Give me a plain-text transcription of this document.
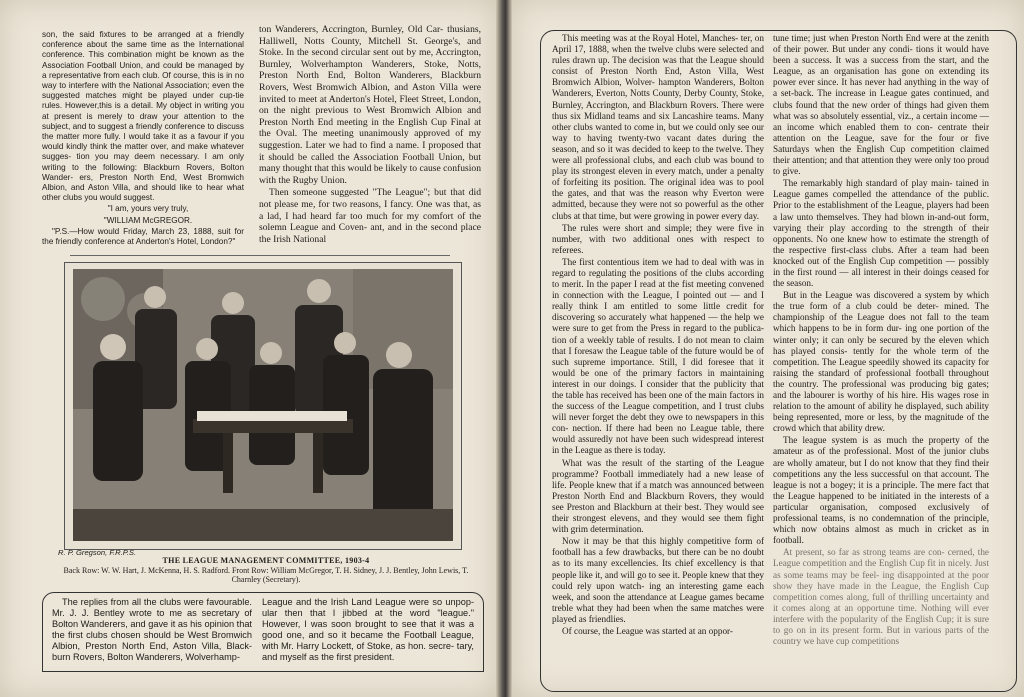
son, the said fixtures to be arranged at a friendly conference about the same time as the International conference. This combination might be known as the Association Football Union, and could be managed by a representative from each club. Of course, this is in no way to interfere with the National Association; even the suggested matches might be played under cup-tie rules. However,this is a detail. My object in writing you at present is merely to draw your attention to the subject, and to suggest a friendly conference to discuss the matter more fully. I would take it as a favour if you would kindly think the matter over, and make whatever sugges- tion you may deem necessary. I am only writing to the following: Blackburn Rovers, Bolton Wander- ers, Preston North End, West Bromwich Albion, and Aston Villa, and should like to hear what other clubs you would suggest.

"I am, yours very truly,

"WILLIAM McGREGOR.

"P.S.—How would Friday, March 23, 1888, suit for the friendly conference at Anderton's Hotel, London?"

ton Wanderers, Accrington, Burnley, Old Car- thusians, Halliwell, Notts County, Mitchell St. George's, and Stoke. In the second circular sent out by me, Accrington, Burnley, Wolverhampton Wanderers, Stoke, Notts, Preston North End, Bolton Wanderers, Blackburn Rovers, West Bromwich Albion, and Aston Villa were invited to meet at Anderton's Hotel, Fleet Street, London, on the night previous to West Bromwich Albion and Preston North End meeting in the English Cup Final at the Oval. The meeting unanimously approved of my suggestion. Later we had to find a name. I proposed that it should be called the Association Football Union, but many thought that this would be likely to cause confusion with the Rugby Union.

Then someone suggested "The League"; but that did not please me, for two reasons, I fancy. One was that, as a lad, I had heard far too much for my comfort of the solemn League and Coven- ant, and in the second place the Irish National

R. P. Gregson, F.R.P.S.
THE LEAGUE MANAGEMENT COMMITTEE, 1903-4
Back Row: W. W. Hart, J. McKenna, H. S. Radford. Front Row: William McGregor, T. H. Sidney, J. J. Bentley, John Lewis, T. Charnley (Secretary).

The replies from all the clubs were favourable. Mr. J. J. Bentley wrote to me as secretary of Bolton Wanderers, and gave it as his opinion that the first clubs chosen should be West Bromwich Albion, Preston North End, Aston Villa, Black- burn Rovers, Bolton Wanderers, Wolverhamp-

League and the Irish Land League were so unpop- ular then that I jibbed at the word "league." However, I was soon brought to see that it was a good one, and so it became the Football League, with Mr. Harry Lockett, of Stoke, as hon. secre- tary, and myself as the first president.

This meeting was at the Royal Hotel, Manches- ter, on April 17, 1888, when the twelve clubs were selected and rules drawn up. The decision was that the League should consist of Preston North End, Aston Villa, West Bromwich Albion, Wolver- hampton Wanderers, Bolton Wanderers, Everton, Notts County, Derby County, Stoke, Burnley, Accrington, and Blackburn Rovers. There were thus six Midland teams and six Lancashire teams. Many other clubs wanted to come in, but we could only see our way to having twenty-two vacant dates during the season, and so it was decided to keep to the twelve. They were all professional clubs, and each club was bound to play its strongest eleven in every match, under a penalty of forfeiting its position. The original idea was to pool the gates, and that was the reason why Everton were admitted, because they were not so powerful as the other clubs at that time, but were growing in power every day.

The rules were short and simple; they were five in number, with two additional ones with respect to referees.

The first contentious item we had to deal with was in regard to regulating the positions of the clubs according to merit. In the paper I read at the fist meeting convened in connection with the League, I pointed out — and I really think I am entitled to some little credit for discovering so accurately what happened — the help we were sure to get from the Press in regard to the publica- tion of a weekly table of results. I do not mean to claim that I foresaw the League table of the future would be of such supreme importance. Still, I did foresee that it would be one of the primary factors in maintaining interest in our doings. I consider that the publicity that the table has received has been one of the main factors in the success of the League competition, and I trust clubs will never forget the debt they owe to newspapers in this con- nection. If there had been no League table, there would assuredly not have been such widespread interest in the League as there is today.

What was the result of the starting of the League programme? Football immediately had a new lease of life. People knew that if a match was announced between Preston North End and Blackburn Rovers, they would see Preston and Blackburn at their best. They would see their strongest elevens, and they would see them fight with grim determination.

Now it may be that this highly competitive form of football has a few drawbacks, but there can be no doubt as to its many excellencies. Its chief excellency is that people like it, and will go to see it. People knew that they could rely upon watch- ing an interesting game each week, and soon the attendance at League games became treble what they had been when the same matches were played as friendlies.

Of course, the League was started at an oppor-

tune time; just when Preston North End were at the zenith of their power. But under any condi- tions it would have been a success. It was a success from the start, and the League, as an organisation has gone on extending its power ever since. It has never had anything in the way of a set-back. The increase in League gates continued, and clubs found that the new order of things had given them what was so absolutely essential, viz., a certain income — an income which enabled them to con- centrate their attention on the League, save for the four or five Saturdays when the English Cup competition claimed their attention; and that attention they were only too proud to give.

The remarkably high standard of play main- tained in League games compelled the attendance of the public. Prior to the establishment of the League, players had been a law unto themselves. They had blown in-and-out form, varying their play according to the strength of their opponents. No one knew how to estimate the strength of the respective first-class clubs. After a team had been knocked out of the English Cup competition — possibly in the first round — all interest in their doings ceased for the season.

But in the League was discovered a system by which the true form of a club could be deter- mined. The championship of the League does not fall to the team which happens to be in form dur- ing one portion of the winter only; it can only be secured by the eleven which has played consis- tently for the whole term of the competition. The League speedily showed its capacity for raising the standard of professional football throughout the country. The professional was producing big gates; and the labourer is worthy of his hire. His wages rose in relation to the amount of ability he displayed, such ability being represented, more or less, by the magnitude of the crowd which that ability drew.

The league system is as much the property of the amateur as of the professional. Most of the junior clubs are wholly amateur, but I do not know that they find their competitions any the less successful on that account. The league is not a bogey; it is a principle. The mere fact that the League happened to be initiated in the interests of a particular organisation, composed exclusively of professional teams, is no condemnation of the principle, which now obtains almost as much in cricket as in football.

At present, so far as strong teams are con- cerned, the League competition and the English Cup fit in nicely. Just as some teams may be feel- ing disappointed at the poor show they have made in the League, the English Cup competition comes along, full of thrilling uncertainty and it comes along at an opportune time. Nothing will ever interfere with the popularity of the English Cup; it is sure to go on in its present form. But in various parts of the country we have cup competitions
